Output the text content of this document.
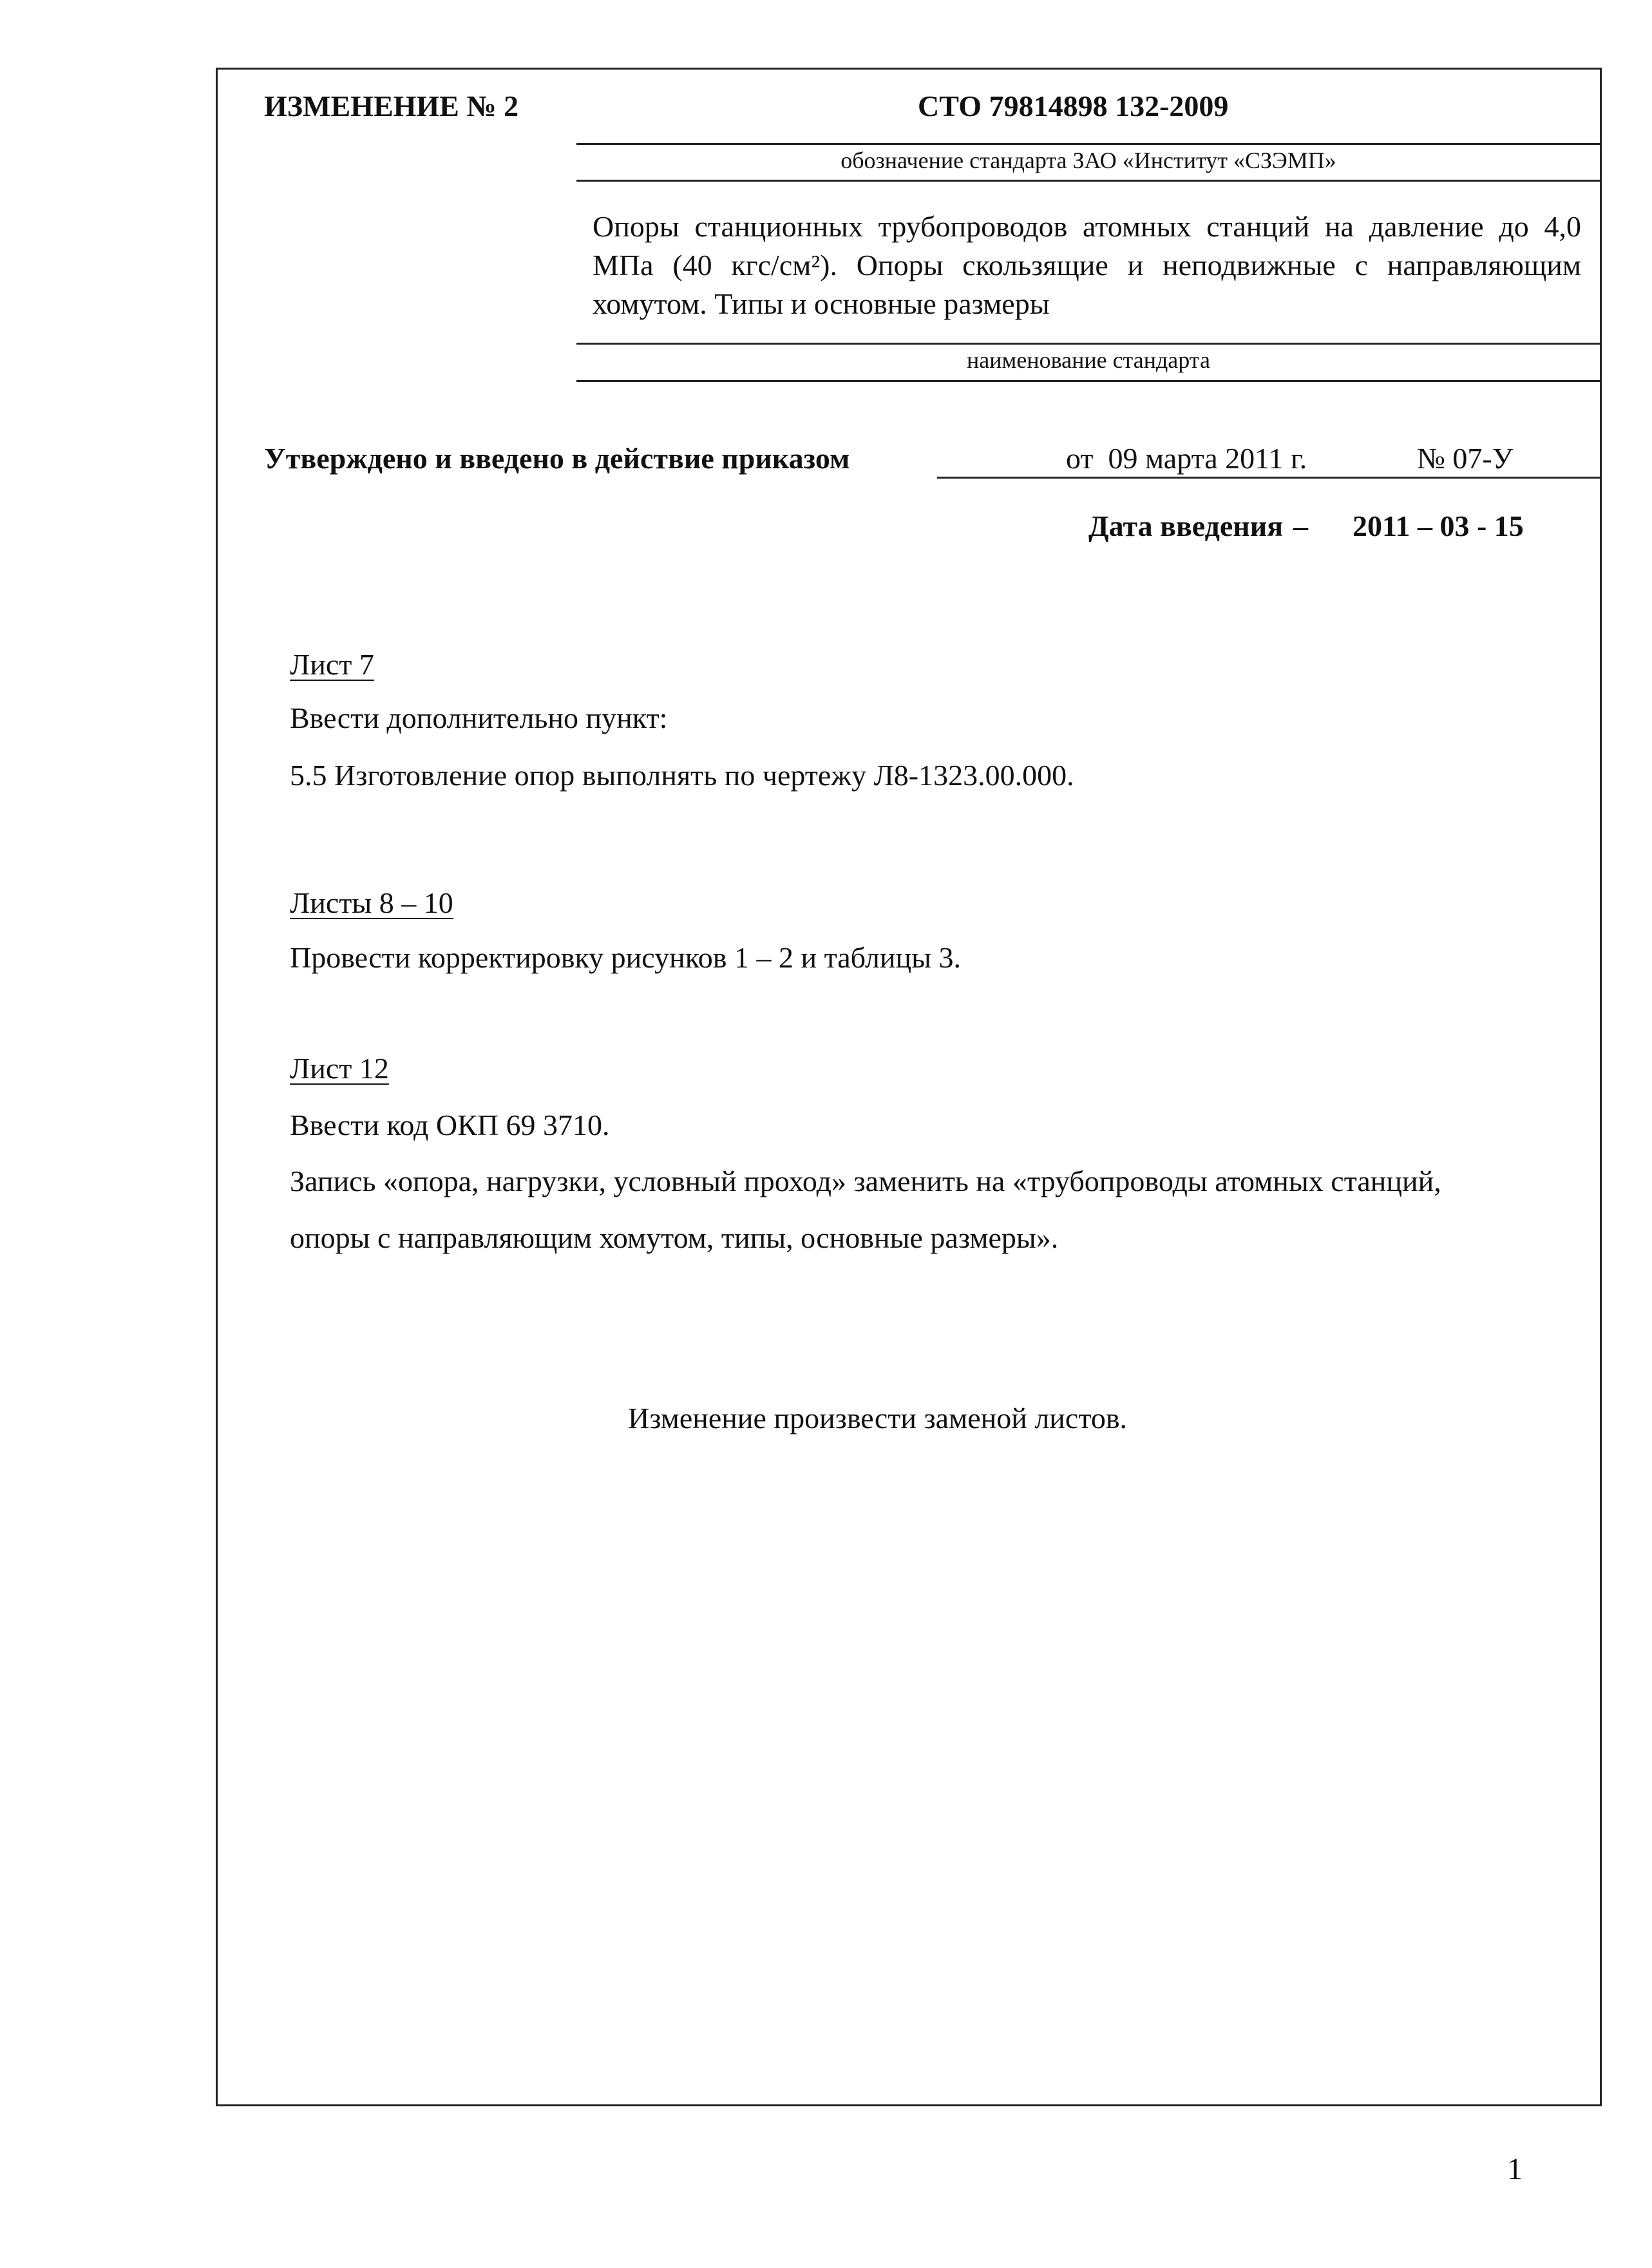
ИЗМЕНЕНИЕ № 2	СТО 79814898 132-2009
обозначение стандарта ЗАО «Институт «СЗЭМП»
Опоры станционных трубопроводов атомных станций на давление до 4,0 МПа (40 кгс/см²). Опоры скользящие и неподвижные с направляющим хомутом. Типы и основные размеры
наименование стандарта
Утверждено и введено в действие приказом	от  09 марта 2011 г.	№ 07-У
Дата введения – 2011 – 03 - 15
Лист 7
Ввести дополнительно пункт:
5.5 Изготовление опор выполнять по чертежу Л8-1323.00.000.
Листы 8 – 10
Провести корректировку рисунков 1 – 2 и таблицы 3.
Лист 12
Ввести код ОКП 69 3710.
Запись «опора, нагрузки, условный проход» заменить на «трубопроводы атомных станций,
опоры с направляющим хомутом, типы, основные размеры».
Изменение произвести заменой листов.
1
